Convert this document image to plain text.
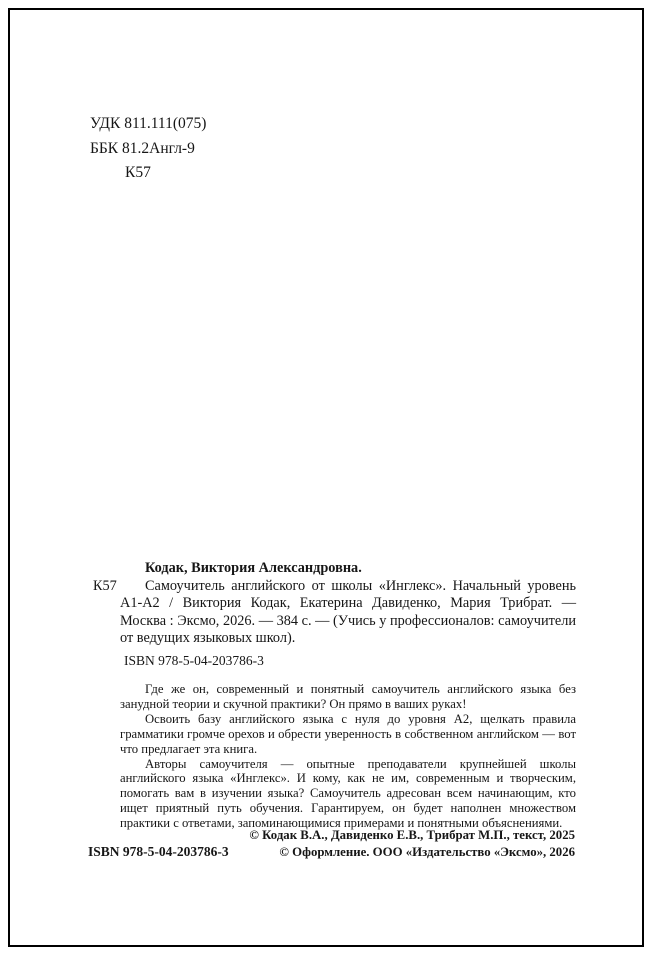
УДК 811.111(075)
ББК 81.2Англ-9
К57
К57

Кодак, Виктория Александровна.

Самоучитель английского от школы «Инглекс». Начальный уровень A1-A2 / Виктория Кодак, Екатерина Давиденко, Мария Трибрат. — Москва : Эксмо, 2026. — 384 с. — (Учись у профессионалов: самоучители от ведущих языковых школ).

ISBN 978-5-04-203786-3

Где же он, современный и понятный самоучитель английского языка без занудной теории и скучной практики? Он прямо в ваших руках!

Освоить базу английского языка с нуля до уровня A2, щелкать правила грамматики громче орехов и обрести уверенность в собственном английском — вот что предлагает эта книга.

Авторы самоучителя — опытные преподаватели крупнейшей школы английского языка «Инглекс». И кому, как не им, современным и творческим, помогать вам в изучении языка? Самоучитель адресован всем начинающим, кто ищет приятный путь обучения. Гарантируем, он будет наполнен множеством практики с ответами, запоминающимися примерами и понятными объяснениями.

© Кодак В.А., Давиденко Е.В., Трибрат М.П., текст, 2025
© Оформление. ООО «Издательство «Эксмо», 2026
ISBN 978-5-04-203786-3
